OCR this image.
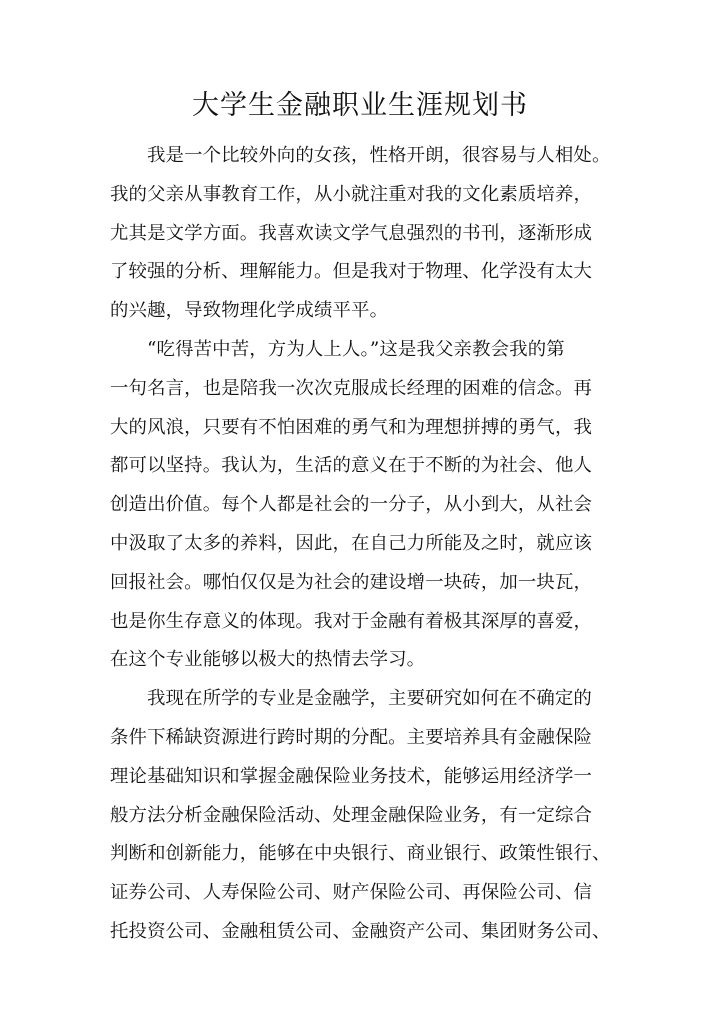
大学生金融职业生涯规划书
我是一个比较外向的女孩，性格开朗，很容易与人相处。
我的父亲从事教育工作，从小就注重对我的文化素质培养，
尤其是文学方面。我喜欢读文学气息强烈的书刊，逐渐形成
了较强的分析、理解能力。但是我对于物理、化学没有太大
的兴趣，导致物理化学成绩平平。
“吃得苦中苦，方为人上人。”这是我父亲教会我的第
一句名言，也是陪我一次次克服成长经理的困难的信念。再
大的风浪，只要有不怕困难的勇气和为理想拼搏的勇气，我
都可以坚持。我认为，生活的意义在于不断的为社会、他人
创造出价值。每个人都是社会的一分子，从小到大，从社会
中汲取了太多的养料，因此，在自己力所能及之时，就应该
回报社会。哪怕仅仅是为社会的建设增一块砖，加一块瓦，
也是你生存意义的体现。我对于金融有着极其深厚的喜爱，
在这个专业能够以极大的热情去学习。
我现在所学的专业是金融学，主要研究如何在不确定的
条件下稀缺资源进行跨时期的分配。主要培养具有金融保险
理论基础知识和掌握金融保险业务技术，能够运用经济学一
般方法分析金融保险活动、处理金融保险业务，有一定综合
判断和创新能力，能够在中央银行、商业银行、政策性银行、
证券公司、人寿保险公司、财产保险公司、再保险公司、信
托投资公司、金融租赁公司、金融资产公司、集团财务公司、
